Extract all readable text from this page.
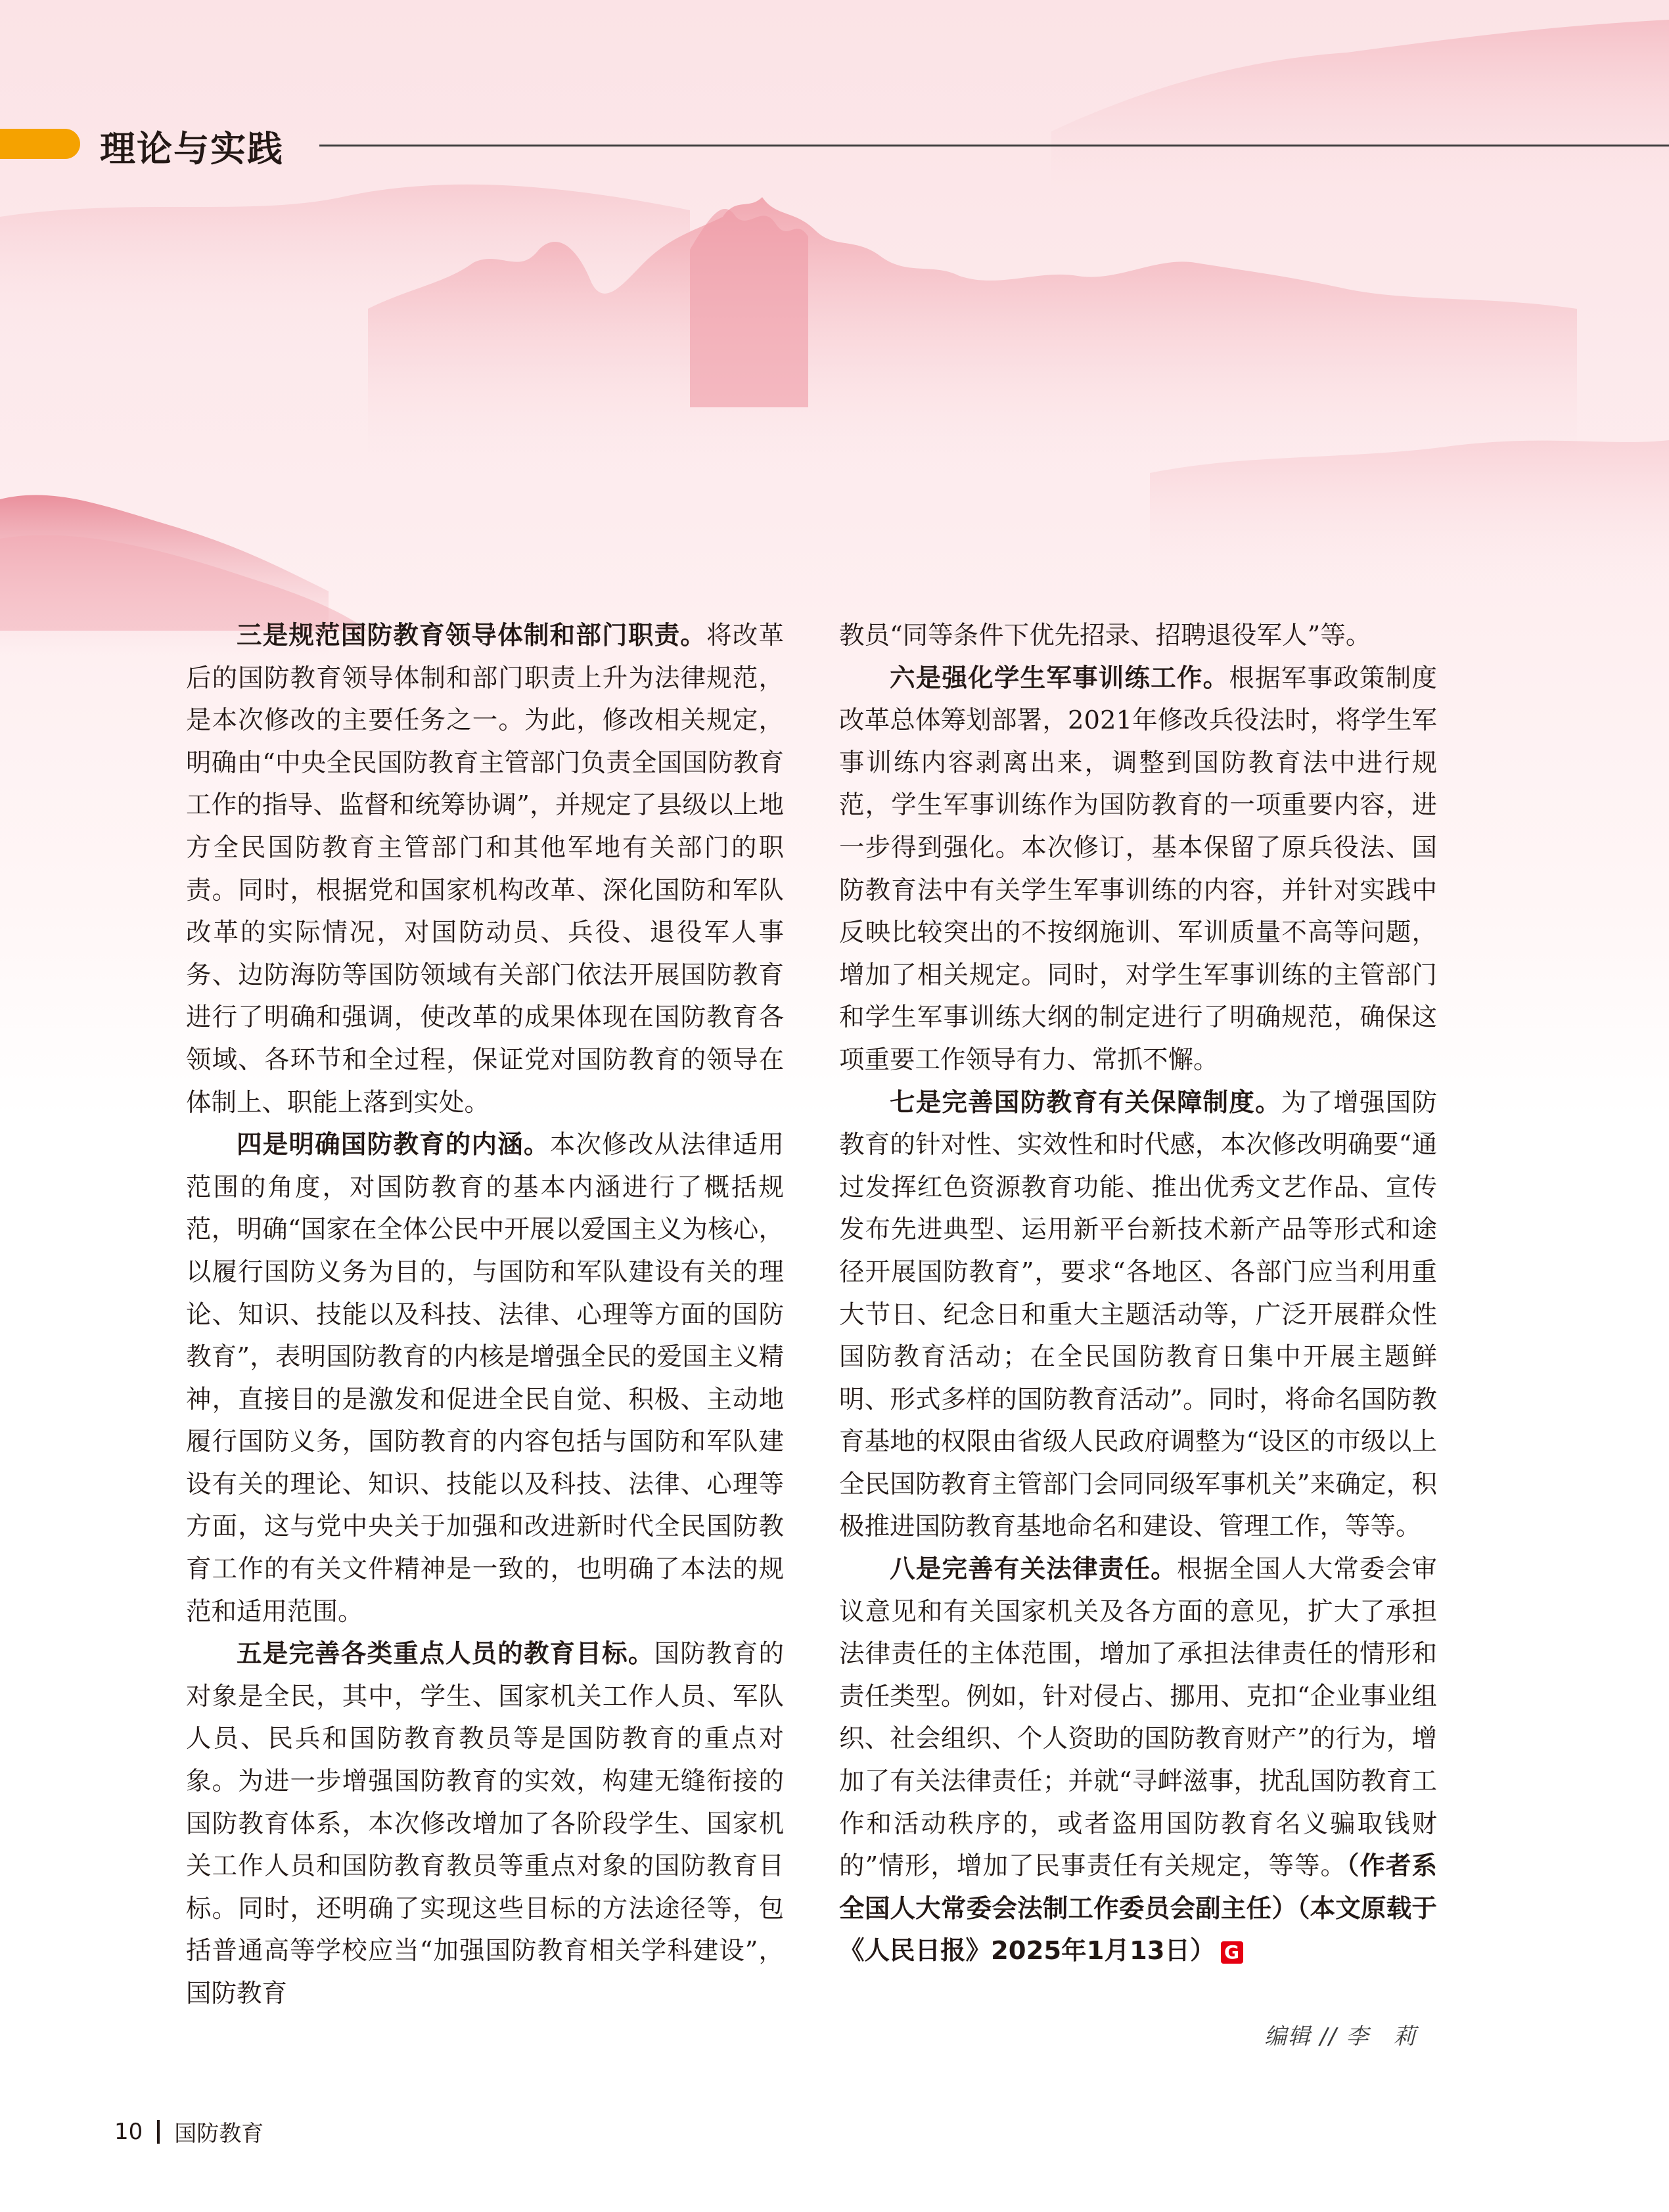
理论与实践

三是规范国防教育领导体制和部门职责。将改革后的国防教育领导体制和部门职责上升为法律规范，是本次修改的主要任务之一。为此，修改相关规定，明确由“中央全民国防教育主管部门负责全国国防教育工作的指导、监督和统筹协调”，并规定了县级以上地方全民国防教育主管部门和其他军地有关部门的职责。同时，根据党和国家机构改革、深化国防和军队改革的实际情况，对国防动员、兵役、退役军人事务、边防海防等国防领域有关部门依法开展国防教育进行了明确和强调，使改革的成果体现在国防教育各领域、各环节和全过程，保证党对国防教育的领导在体制上、职能上落到实处。

四是明确国防教育的内涵。本次修改从法律适用范围的角度，对国防教育的基本内涵进行了概括规范，明确“国家在全体公民中开展以爱国主义为核心，以履行国防义务为目的，与国防和军队建设有关的理论、知识、技能以及科技、法律、心理等方面的国防教育”，表明国防教育的内核是增强全民的爱国主义精神，直接目的是激发和促进全民自觉、积极、主动地履行国防义务，国防教育的内容包括与国防和军队建设有关的理论、知识、技能以及科技、法律、心理等方面，这与党中央关于加强和改进新时代全民国防教育工作的有关文件精神是一致的，也明确了本法的规范和适用范围。

五是完善各类重点人员的教育目标。国防教育的对象是全民，其中，学生、国家机关工作人员、军队人员、民兵和国防教育教员等是国防教育的重点对象。为进一步增强国防教育的实效，构建无缝衔接的国防教育体系，本次修改增加了各阶段学生、国家机关工作人员和国防教育教员等重点对象的国防教育目标。同时，还明确了实现这些目标的方法途径等，包括普通高等学校应当“加强国防教育相关学科建设”，国防教育

教员“同等条件下优先招录、招聘退役军人”等。

六是强化学生军事训练工作。根据军事政策制度改革总体筹划部署，2021年修改兵役法时，将学生军事训练内容剥离出来，调整到国防教育法中进行规范，学生军事训练作为国防教育的一项重要内容，进一步得到强化。本次修订，基本保留了原兵役法、国防教育法中有关学生军事训练的内容，并针对实践中反映比较突出的不按纲施训、军训质量不高等问题，增加了相关规定。同时，对学生军事训练的主管部门和学生军事训练大纲的制定进行了明确规范，确保这项重要工作领导有力、常抓不懈。

七是完善国防教育有关保障制度。为了增强国防教育的针对性、实效性和时代感，本次修改明确要“通过发挥红色资源教育功能、推出优秀文艺作品、宣传发布先进典型、运用新平台新技术新产品等形式和途径开展国防教育”，要求“各地区、各部门应当利用重大节日、纪念日和重大主题活动等，广泛开展群众性国防教育活动；在全民国防教育日集中开展主题鲜明、形式多样的国防教育活动”。同时，将命名国防教育基地的权限由省级人民政府调整为“设区的市级以上全民国防教育主管部门会同同级军事机关”来确定，积极推进国防教育基地命名和建设、管理工作，等等。

八是完善有关法律责任。根据全国人大常委会审议意见和有关国家机关及各方面的意见，扩大了承担法律责任的主体范围，增加了承担法律责任的情形和责任类型。例如，针对侵占、挪用、克扣“企业事业组织、社会组织、个人资助的国防教育财产”的行为，增加了有关法律责任；并就“寻衅滋事，扰乱国防教育工作和活动秩序的，或者盗用国防教育名义骗取钱财的”情形，增加了民事责任有关规定，等等。（作者系全国人大常委会法制工作委员会副主任）（本文原载于《人民日报》2025年1月13日） G

编辑 // 李　莉
10 国防教育
